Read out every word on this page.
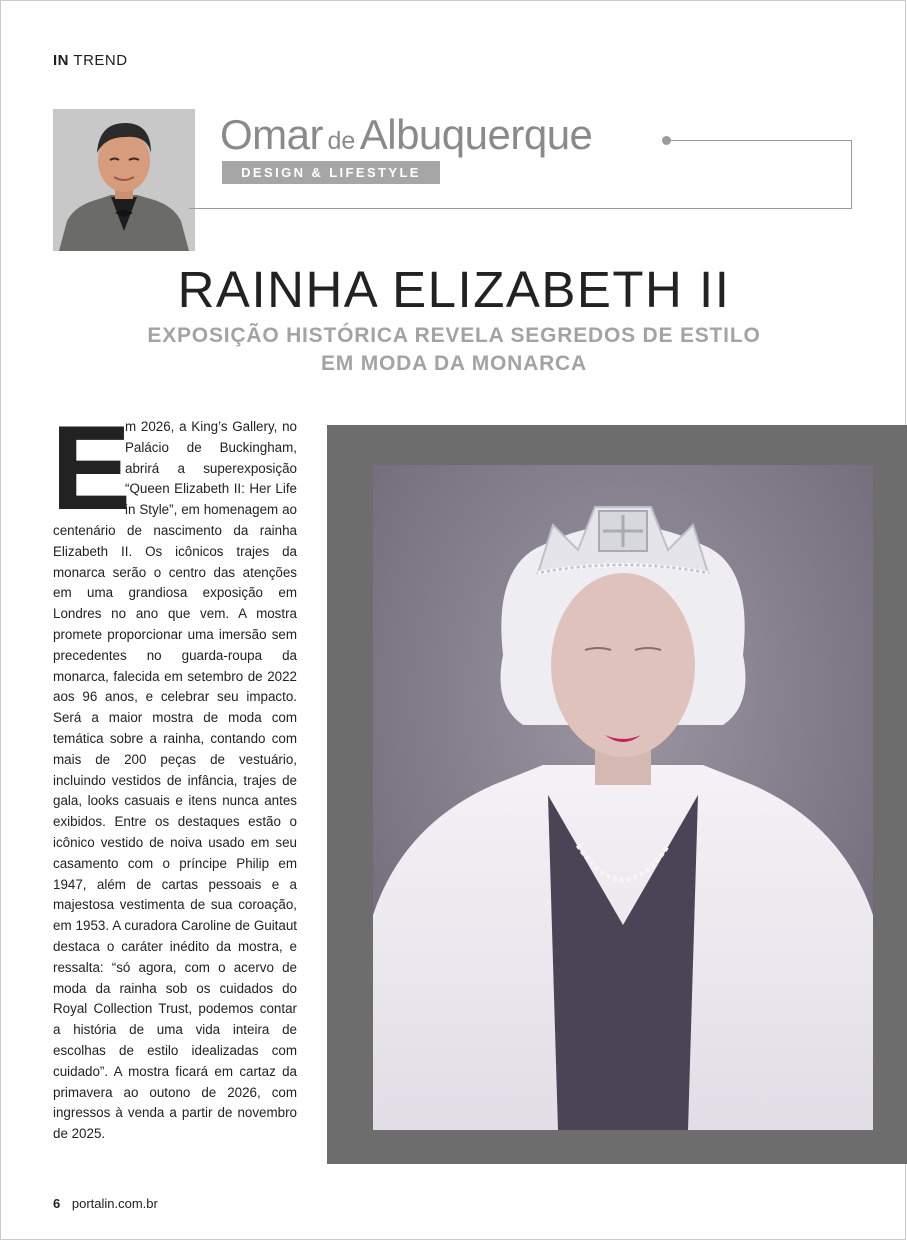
IN TREND
Omar de Albuquerque
DESIGN & LIFESTYLE
RAINHA ELIZABETH II
EXPOSIÇÃO HISTÓRICA REVELA SEGREDOS DE ESTILO
EM MODA DA MONARCA
E

m 2026, a King’s Gallery, no Palácio de Buckingham, abrirá a superexposição “Queen Elizabeth II: Her Life in Style”, em homenagem ao centenário de nascimento da rainha Elizabeth II. Os icônicos trajes da monarca serão o centro das atenções em uma grandiosa exposição em Londres no ano que vem. A mostra promete proporcionar uma imersão sem precedentes no guarda-roupa da monarca, falecida em setembro de 2022 aos 96 anos, e celebrar seu impacto. Será a maior mostra de moda com temática sobre a rainha, contando com mais de 200 peças de vestuário, incluindo vestidos de infância, trajes de gala, looks casuais e itens nunca antes exibidos. Entre os destaques estão o icônico vestido de noiva usado em seu casamento com o príncipe Philip em 1947, além de cartas pessoais e a majestosa vestimenta de sua coroação, em 1953. A curadora Caroline de Guitaut destaca o caráter inédito da mostra, e ressalta: “só agora, com o acervo de moda da rainha sob os cuidados do Royal Collection Trust, podemos contar a história de uma vida inteira de escolhas de estilo idealizadas com cuidado”. A mostra ficará em cartaz da primavera ao outono de 2026, com ingressos à venda a partir de novembro de 2025.

6 portalin.com.br
